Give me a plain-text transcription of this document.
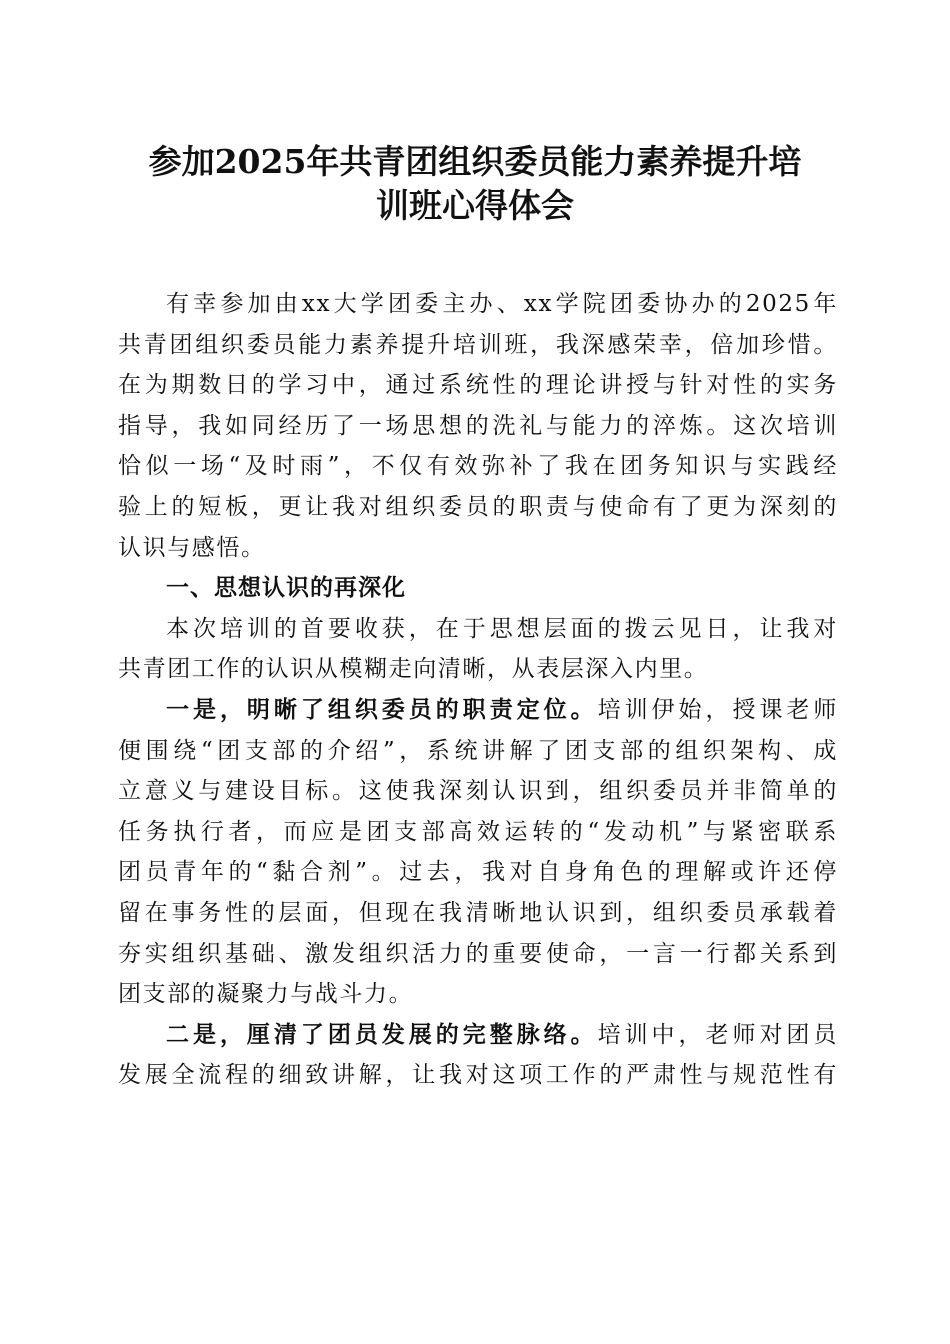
参加2025年共青团组织委员能力素养提升培
训班心得体会
有幸参加由xx大学团委主办、xx学院团委协办的2025年
共青团组织委员能力素养提升培训班，我深感荣幸，倍加珍惜。
在为期数日的学习中，通过系统性的理论讲授与针对性的实务
指导，我如同经历了一场思想的洗礼与能力的淬炼。这次培训
恰似一场“及时雨”，不仅有效弥补了我在团务知识与实践经
验上的短板，更让我对组织委员的职责与使命有了更为深刻的
认识与感悟。
一、思想认识的再深化
本次培训的首要收获，在于思想层面的拨云见日，让我对
共青团工作的认识从模糊走向清晰，从表层深入内里。
一是，明晰了组织委员的职责定位。培训伊始，授课老师
便围绕“团支部的介绍”，系统讲解了团支部的组织架构、成
立意义与建设目标。这使我深刻认识到，组织委员并非简单的
任务执行者，而应是团支部高效运转的“发动机”与紧密联系
团员青年的“黏合剂”。过去，我对自身角色的理解或许还停
留在事务性的层面，但现在我清晰地认识到，组织委员承载着
夯实组织基础、激发组织活力的重要使命，一言一行都关系到
团支部的凝聚力与战斗力。
二是，厘清了团员发展的完整脉络。培训中，老师对团员
发展全流程的细致讲解，让我对这项工作的严肃性与规范性有
